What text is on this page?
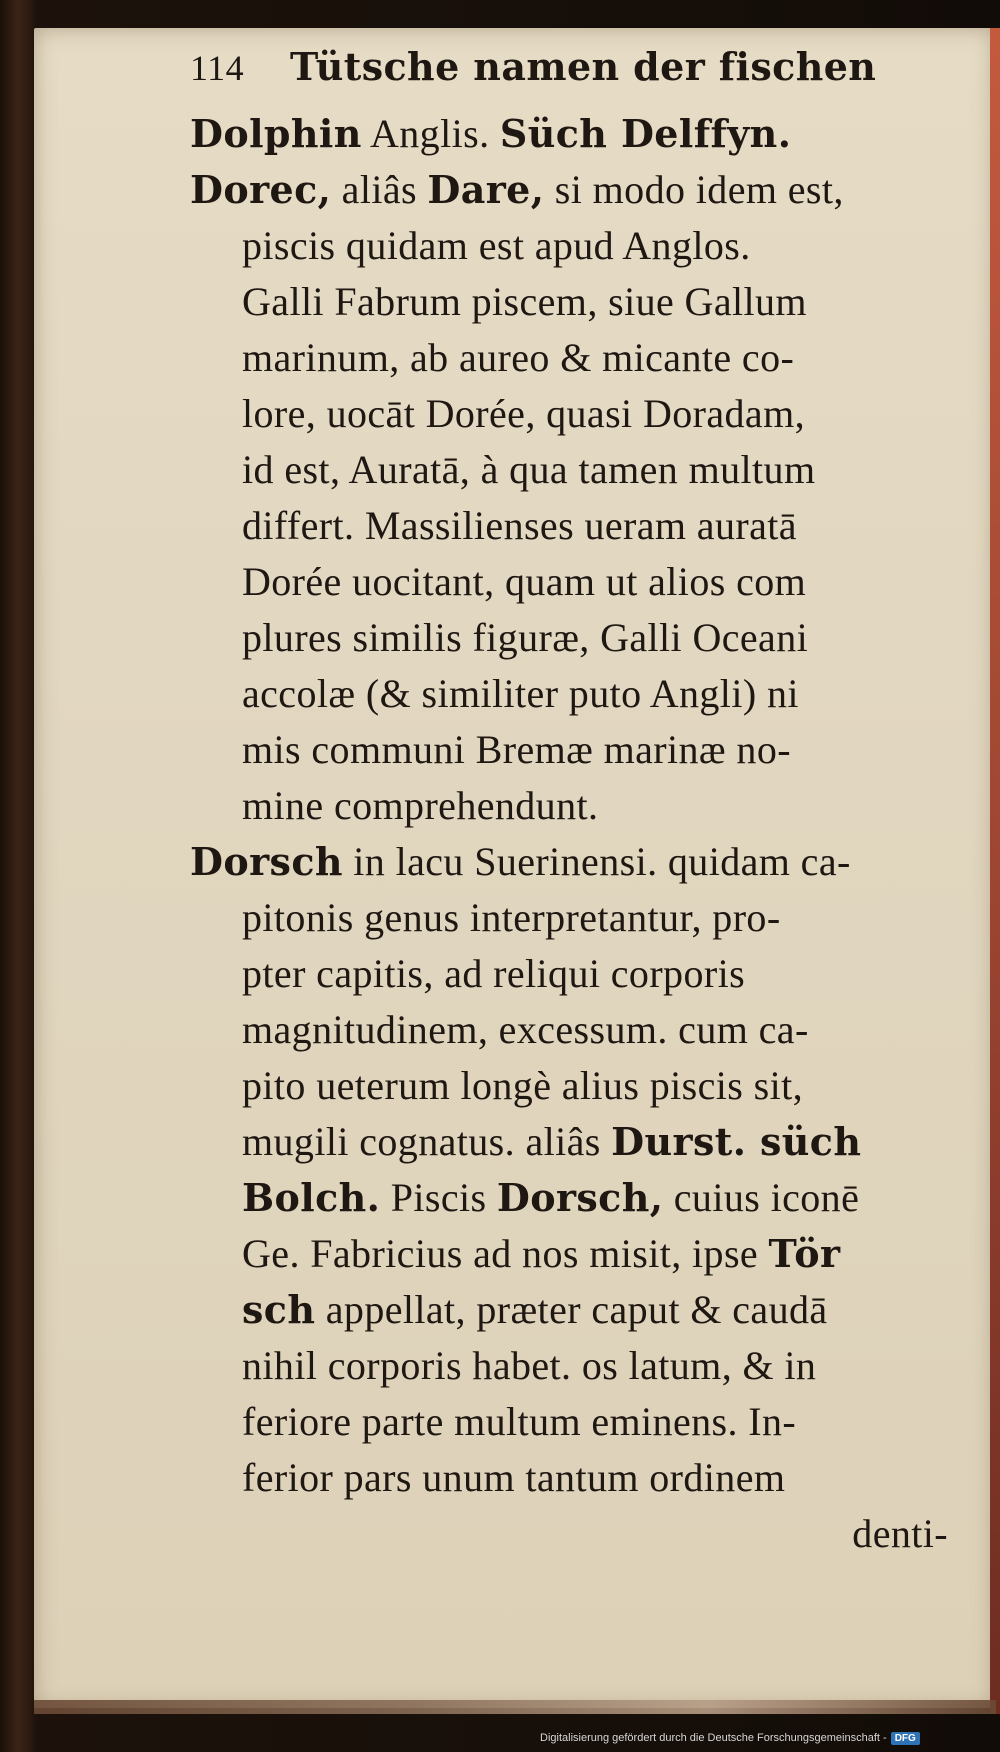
114	Tütsche namen der fischen
Dolphin Anglis. Süch Delffyn.
Dorec, aliâs Dare, si modo idem est,
piscis quidam est apud Anglos.
Galli Fabrum piscem, siue Gallum
marinum, ab aureo & micante co-
lore, uocāt Dorée, quasi Doradam,
id est, Auratā, à qua tamen multum
differt. Massilienses ueram auratā
Dorée uocitant, quam ut alios com
plures similis figuræ, Galli Oceani
accolæ (& similiter puto Angli) ni
mis communi Bremæ marinæ no-
mine comprehendunt.
Dorsch in lacu Suerinensi. quidam ca-
pitonis genus interpretantur, pro-
pter capitis, ad reliqui corporis
magnitudinem, excessum. cum ca-
pito ueterum longè alius piscis sit,
mugili cognatus. aliâs Durst. süch
Bolch. Piscis Dorsch, cuius iconē
Ge. Fabricius ad nos misit, ipse Tör
sch appellat, præter caput & caudā
nihil corporis habet. os latum, & in
feriore parte multum eminens. In-
ferior pars unum tantum ordinem
denti-
Digitalisierung gefördert durch die Deutsche Forschungsgemeinschaft - DFG
